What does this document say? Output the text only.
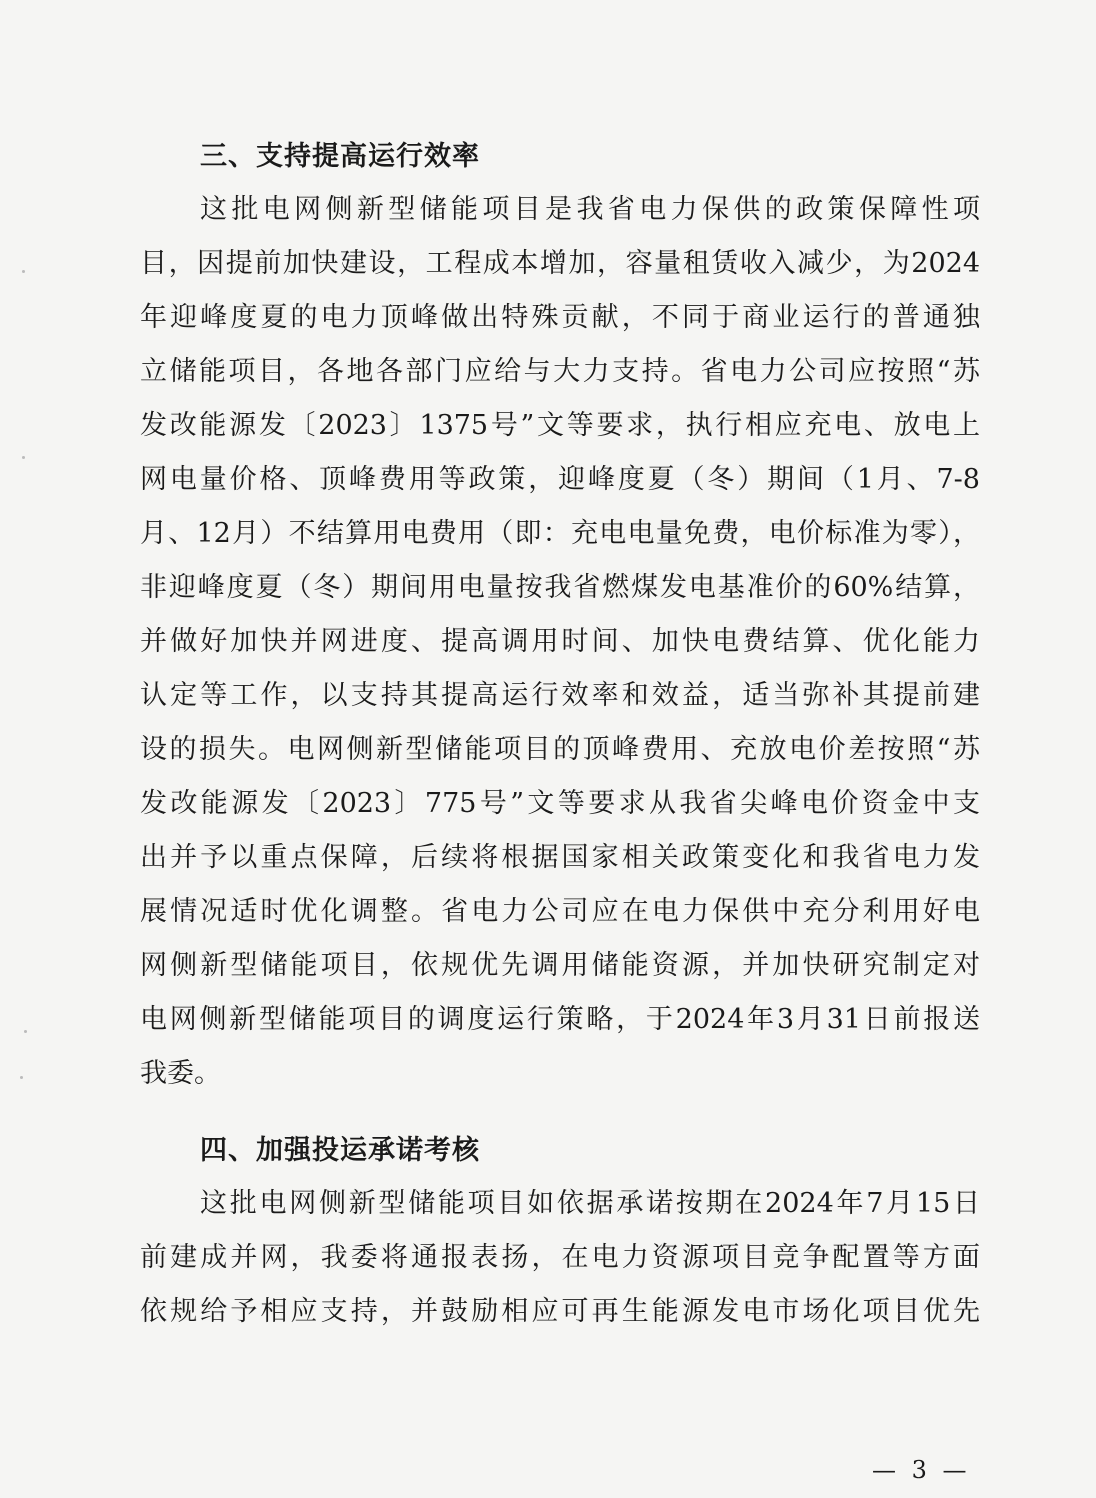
三、支持提高运行效率
这批电网侧新型储能项目是我省电力保供的政策保障性项
目，因提前加快建设，工程成本增加，容量租赁收入减少，为2024
年迎峰度夏的电力顶峰做出特殊贡献，不同于商业运行的普通独
立储能项目，各地各部门应给与大力支持。省电力公司应按照“苏
发改能源发〔2023〕1375号”文等要求，执行相应充电、放电上
网电量价格、顶峰费用等政策，迎峰度夏（冬）期间（1月、7-8
月、12月）不结算用电费用（即：充电电量免费，电价标准为零），
非迎峰度夏（冬）期间用电量按我省燃煤发电基准价的60%结算，
并做好加快并网进度、提高调用时间、加快电费结算、优化能力
认定等工作，以支持其提高运行效率和效益，适当弥补其提前建
设的损失。电网侧新型储能项目的顶峰费用、充放电价差按照“苏
发改能源发〔2023〕775号”文等要求从我省尖峰电价资金中支
出并予以重点保障，后续将根据国家相关政策变化和我省电力发
展情况适时优化调整。省电力公司应在电力保供中充分利用好电
网侧新型储能项目，依规优先调用储能资源，并加快研究制定对
电网侧新型储能项目的调度运行策略，于2024年3月31日前报送
我委。
四、加强投运承诺考核
这批电网侧新型储能项目如依据承诺按期在2024年7月15日
前建成并网，我委将通报表扬，在电力资源项目竞争配置等方面
依规给予相应支持，并鼓励相应可再生能源发电市场化项目优先
— 3 —
